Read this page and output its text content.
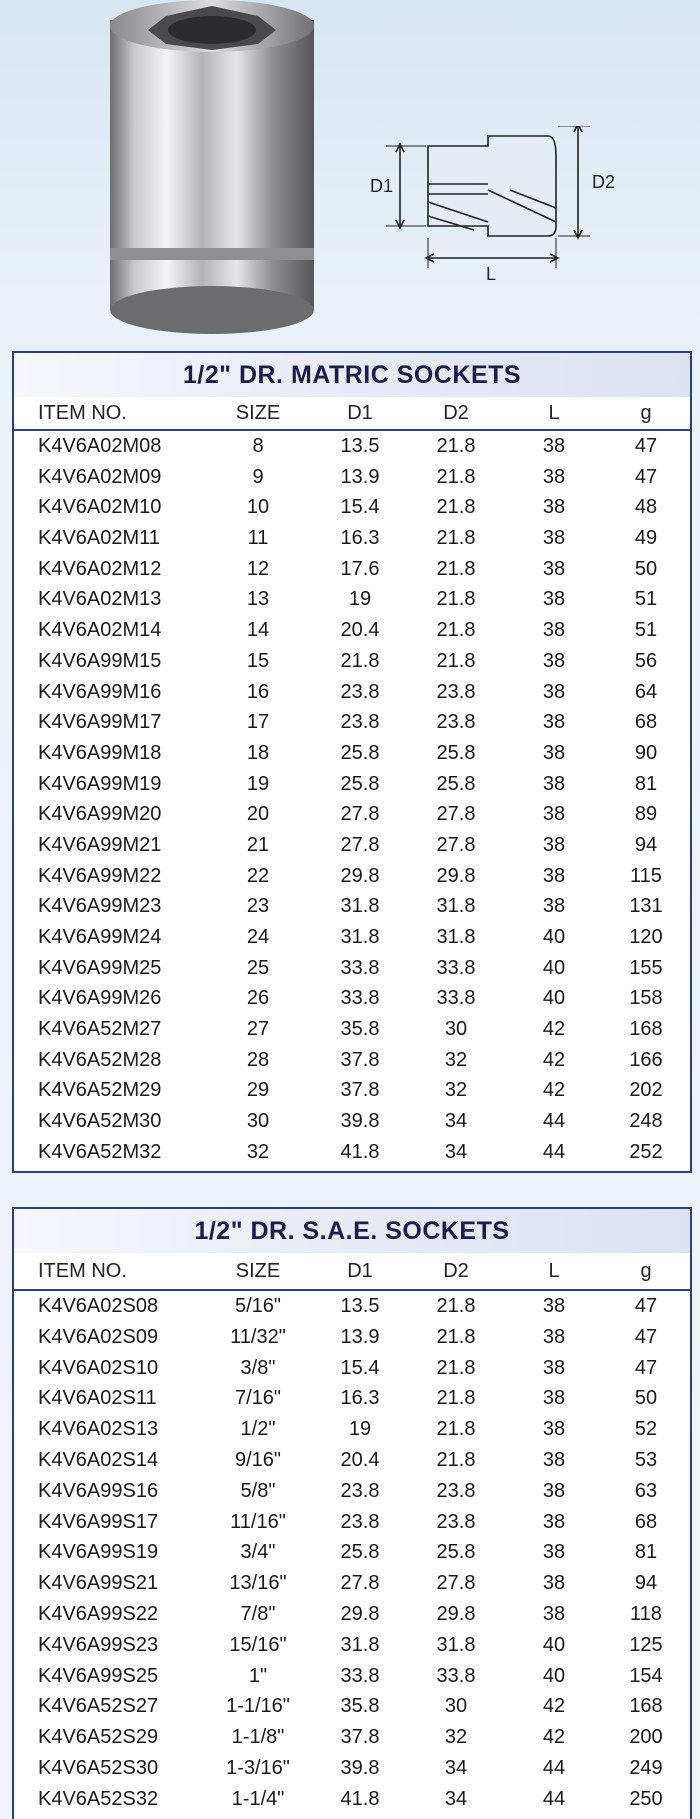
D1	D2
L
1/2" DR. MATRIC SOCKETS
ITEM NO.	SIZE	D1	D2	L	g
K4V6A02M08	8	13.5	21.8	38	47
K4V6A02M09	9	13.9	21.8	38	47
K4V6A02M10	10	15.4	21.8	38	48
K4V6A02M11	11	16.3	21.8	38	49
K4V6A02M12	12	17.6	21.8	38	50
K4V6A02M13	13	19	21.8	38	51
K4V6A02M14	14	20.4	21.8	38	51
K4V6A99M15	15	21.8	21.8	38	56
K4V6A99M16	16	23.8	23.8	38	64
K4V6A99M17	17	23.8	23.8	38	68
K4V6A99M18	18	25.8	25.8	38	90
K4V6A99M19	19	25.8	25.8	38	81
K4V6A99M20	20	27.8	27.8	38	89
K4V6A99M21	21	27.8	27.8	38	94
K4V6A99M22	22	29.8	29.8	38	115
K4V6A99M23	23	31.8	31.8	38	131
K4V6A99M24	24	31.8	31.8	40	120
K4V6A99M25	25	33.8	33.8	40	155
K4V6A99M26	26	33.8	33.8	40	158
K4V6A52M27	27	35.8	30	42	168
K4V6A52M28	28	37.8	32	42	166
K4V6A52M29	29	37.8	32	42	202
K4V6A52M30	30	39.8	34	44	248
K4V6A52M32	32	41.8	34	44	252
1/2" DR. S.A.E. SOCKETS
ITEM NO.	SIZE	D1	D2	L	g
K4V6A02S08	5/16"	13.5	21.8	38	47
K4V6A02S09	11/32"	13.9	21.8	38	47
K4V6A02S10	3/8"	15.4	21.8	38	47
K4V6A02S11	7/16"	16.3	21.8	38	50
K4V6A02S13	1/2"	19	21.8	38	52
K4V6A02S14	9/16"	20.4	21.8	38	53
K4V6A99S16	5/8"	23.8	23.8	38	63
K4V6A99S17	11/16"	23.8	23.8	38	68
K4V6A99S19	3/4"	25.8	25.8	38	81
K4V6A99S21	13/16"	27.8	27.8	38	94
K4V6A99S22	7/8"	29.8	29.8	38	118
K4V6A99S23	15/16"	31.8	31.8	40	125
K4V6A99S25	1"	33.8	33.8	40	154
K4V6A52S27	1-1/16"	35.8	30	42	168
K4V6A52S29	1-1/8"	37.8	32	42	200
K4V6A52S30	1-3/16"	39.8	34	44	249
K4V6A52S32	1-1/4"	41.8	34	44	250
